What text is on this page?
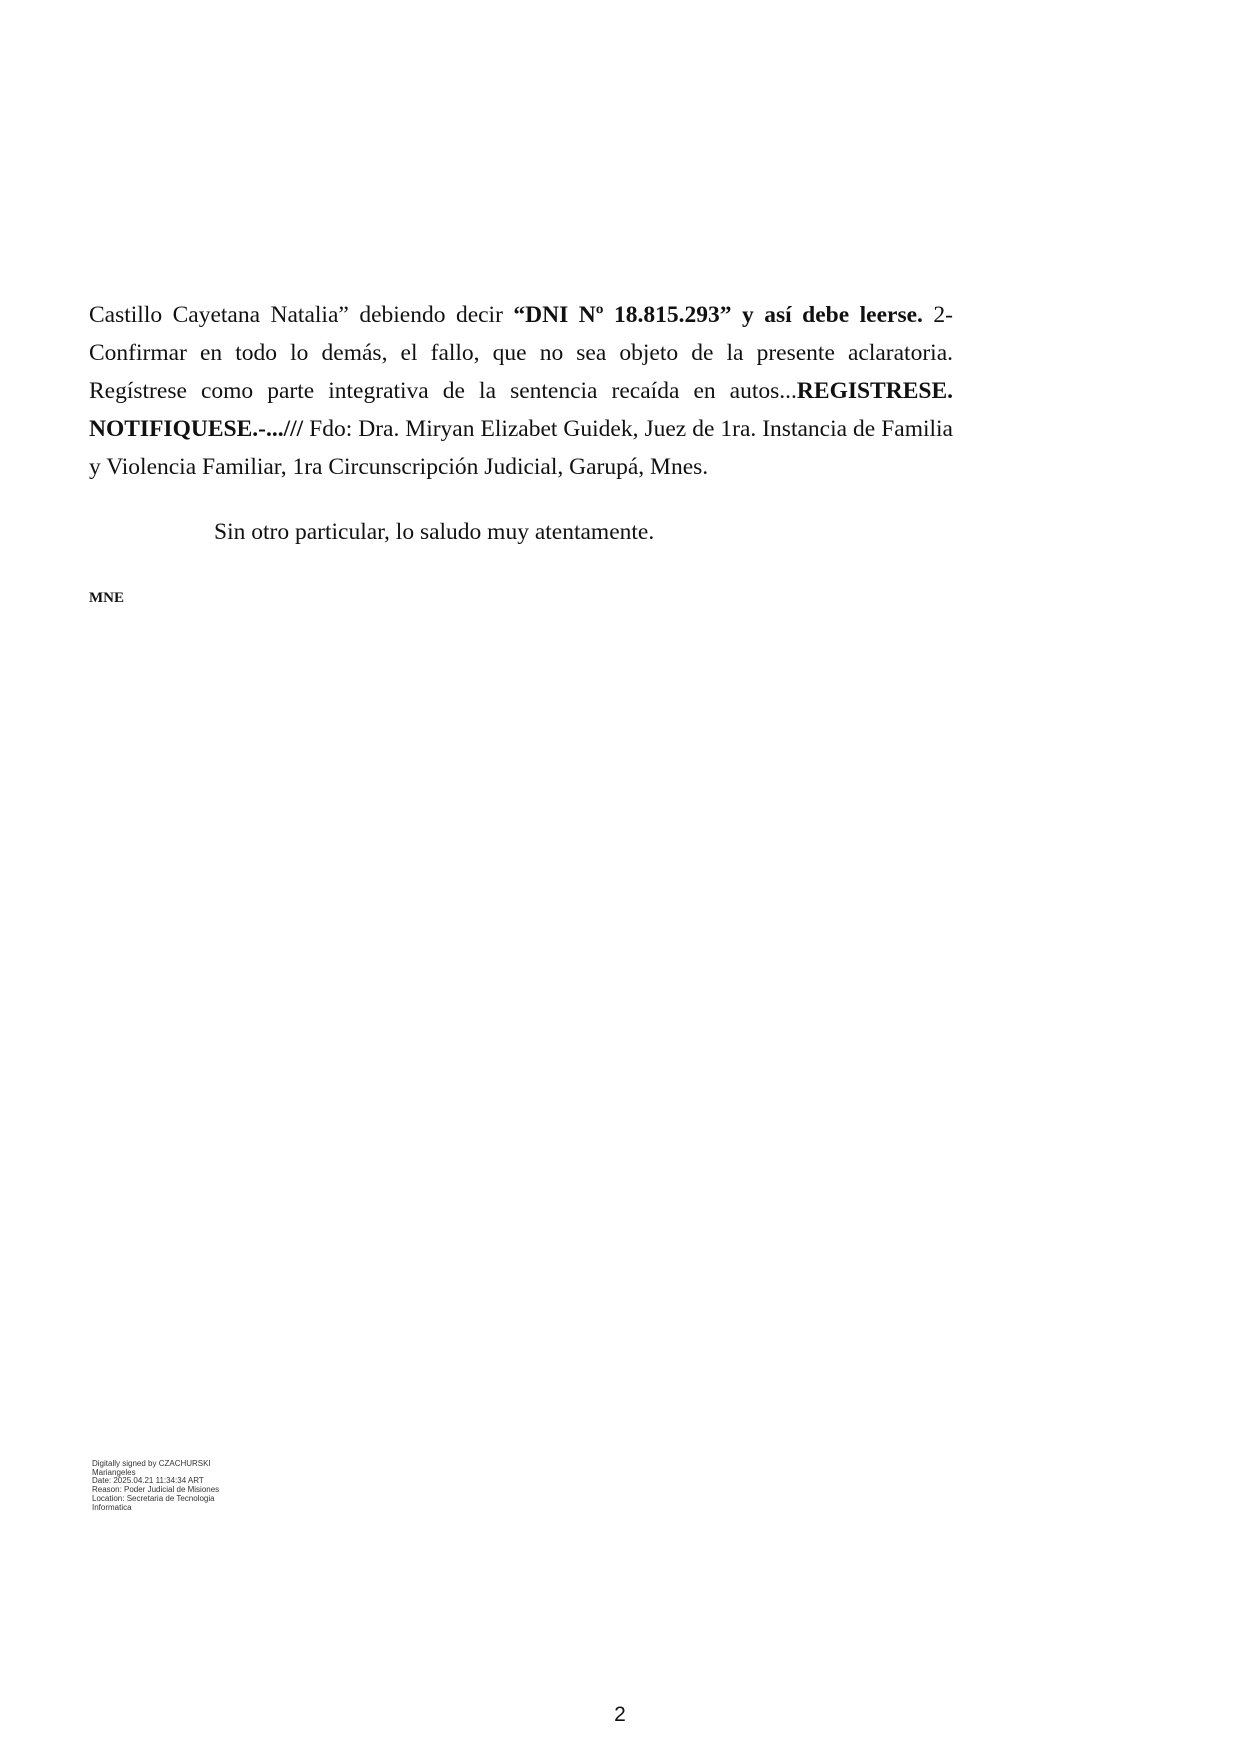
Castillo Cayetana Natalia” debiendo decir “DNI Nº 18.815.293” y así debe leerse. 2-Confirmar en todo lo demás, el fallo, que no sea objeto de la presente aclaratoria. Regístrese como parte integrativa de la sentencia recaída en autos...REGISTRESE. NOTIFIQUESE.-.../// Fdo: Dra. Miryan Elizabet Guidek, Juez de 1ra. Instancia de Familia y Violencia Familiar, 1ra Circunscripción Judicial, Garupá, Mnes.

Sin otro particular, lo saludo muy atentamente.

MNE

Digitally signed by CZACHURSKI
Mariangeles
Date: 2025.04.21 11:34:34 ART
Reason: Poder Judicial de Misiones
Location: Secretaria de Tecnologia
Informatica

2
